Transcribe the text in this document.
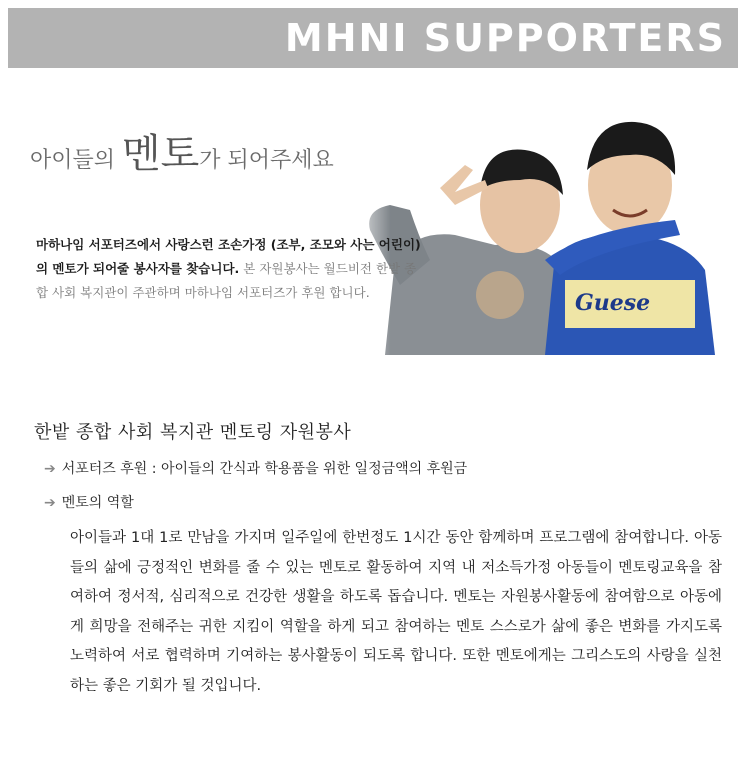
MHNI SUPPORTERS
아이들의 멘토가 되어주세요
마하나임 서포터즈에서 사랑스런 조손가정 (조부, 조모와 사는 어린이)의 멘토가 되어줄 봉사자를 찾습니다. 본 자원봉사는 월드비전 한밭 종합 사회 복지관이 주관하며 마하나임 서포터즈가 후원 합니다.
한밭 종합 사회 복지관 멘토링 자원봉사
➔ 서포터즈 후원 : 아이들의 간식과 학용품을 위한 일정금액의 후원금
➔ 멘토의 역할
아이들과 1대 1로 만남을 가지며 일주일에 한번정도 1시간 동안 함께하며 프로그램에 참여합니다. 아동들의 삶에 긍정적인 변화를 줄 수 있는 멘토로 활동하여 지역 내 저소득가정 아동들이 멘토링교육을 참여하여 정서적, 심리적으로 건강한 생활을 하도록 돕습니다. 멘토는 자원봉사활동에 참여함으로 아동에게 희망을 전해주는 귀한 지킴이 역할을 하게 되고 참여하는 멘토 스스로가 삶에 좋은 변화를 가지도록 노력하여 서로 협력하며 기여하는 봉사활동이 되도록 합니다. 또한 멘토에게는 그리스도의 사랑을 실천하는 좋은 기회가 될 것입니다.
